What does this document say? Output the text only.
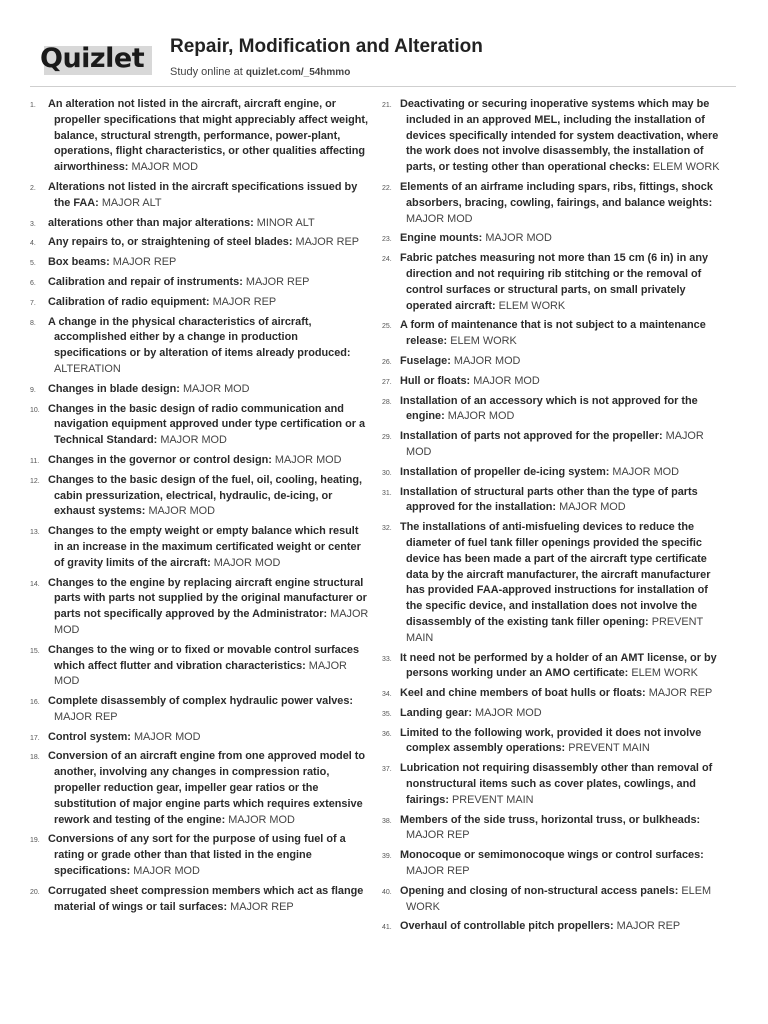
Quizlet	Repair, Modification and Alteration
Study online at quizlet.com/_54hmmo
1. An alteration not listed in the aircraft, aircraft engine, or propeller specifications that might appreciably affect weight, balance, structural strength, performance, power-plant, operations, flight characteristics, or other qualities affecting airworthiness: MAJOR MOD
2. Alterations not listed in the aircraft specifications issued by the FAA: MAJOR ALT
3. alterations other than major alterations: MINOR ALT
4. Any repairs to, or straightening of steel blades: MAJOR REP
5. Box beams: MAJOR REP
6. Calibration and repair of instruments: MAJOR REP
7. Calibration of radio equipment: MAJOR REP
8. A change in the physical characteristics of aircraft, accomplished either by a change in production specifications or by alteration of items already produced: ALTERATION
9. Changes in blade design: MAJOR MOD
10. Changes in the basic design of radio communication and navigation equipment approved under type certification or a Technical Standard: MAJOR MOD
11. Changes in the governor or control design: MAJOR MOD
12. Changes to the basic design of the fuel, oil, cooling, heating, cabin pressurization, electrical, hydraulic, de-icing, or exhaust systems: MAJOR MOD
13. Changes to the empty weight or empty balance which result in an increase in the maximum certificated weight or center of gravity limits of the aircraft: MAJOR MOD
14. Changes to the engine by replacing aircraft engine structural parts with parts not supplied by the original manufacturer or parts not specifically approved by the Administrator: MAJOR MOD
15. Changes to the wing or to fixed or movable control surfaces which affect flutter and vibration characteristics: MAJOR MOD
16. Complete disassembly of complex hydraulic power valves: MAJOR REP
17. Control system: MAJOR MOD
18. Conversion of an aircraft engine from one approved model to another, involving any changes in compression ratio, propeller reduction gear, impeller gear ratios or the substitution of major engine parts which requires extensive rework and testing of the engine: MAJOR MOD
19. Conversions of any sort for the purpose of using fuel of a rating or grade other than that listed in the engine specifications: MAJOR MOD
20. Corrugated sheet compression members which act as flange material of wings or tail surfaces: MAJOR REP
21. Deactivating or securing inoperative systems which may be included in an approved MEL, including the installation of devices specifically intended for system deactivation, where the work does not involve disassembly, the installation of parts, or testing other than operational checks: ELEM WORK
22. Elements of an airframe including spars, ribs, fittings, shock absorbers, bracing, cowling, fairings, and balance weights: MAJOR MOD
23. Engine mounts: MAJOR MOD
24. Fabric patches measuring not more than 15 cm (6 in) in any direction and not requiring rib stitching or the removal of control surfaces or structural parts, on small privately operated aircraft: ELEM WORK
25. A form of maintenance that is not subject to a maintenance release: ELEM WORK
26. Fuselage: MAJOR MOD
27. Hull or floats: MAJOR MOD
28. Installation of an accessory which is not approved for the engine: MAJOR MOD
29. Installation of parts not approved for the propeller: MAJOR MOD
30. Installation of propeller de-icing system: MAJOR MOD
31. Installation of structural parts other than the type of parts approved for the installation: MAJOR MOD
32. The installations of anti-misfueling devices to reduce the diameter of fuel tank filler openings provided the specific device has been made a part of the aircraft type certificate data by the aircraft manufacturer, the aircraft manufacturer has provided FAA-approved instructions for installation of the specific device, and installation does not involve the disassembly of the existing tank filler opening: PREVENT MAIN
33. It need not be performed by a holder of an AMT license, or by persons working under an AMO certificate: ELEM WORK
34. Keel and chine members of boat hulls or floats: MAJOR REP
35. Landing gear: MAJOR MOD
36. Limited to the following work, provided it does not involve complex assembly operations: PREVENT MAIN
37. Lubrication not requiring disassembly other than removal of nonstructural items such as cover plates, cowlings, and fairings: PREVENT MAIN
38. Members of the side truss, horizontal truss, or bulkheads: MAJOR REP
39. Monocoque or semimonocoque wings or control surfaces: MAJOR REP
40. Opening and closing of non-structural access panels: ELEM WORK
41. Overhaul of controllable pitch propellers: MAJOR REP
